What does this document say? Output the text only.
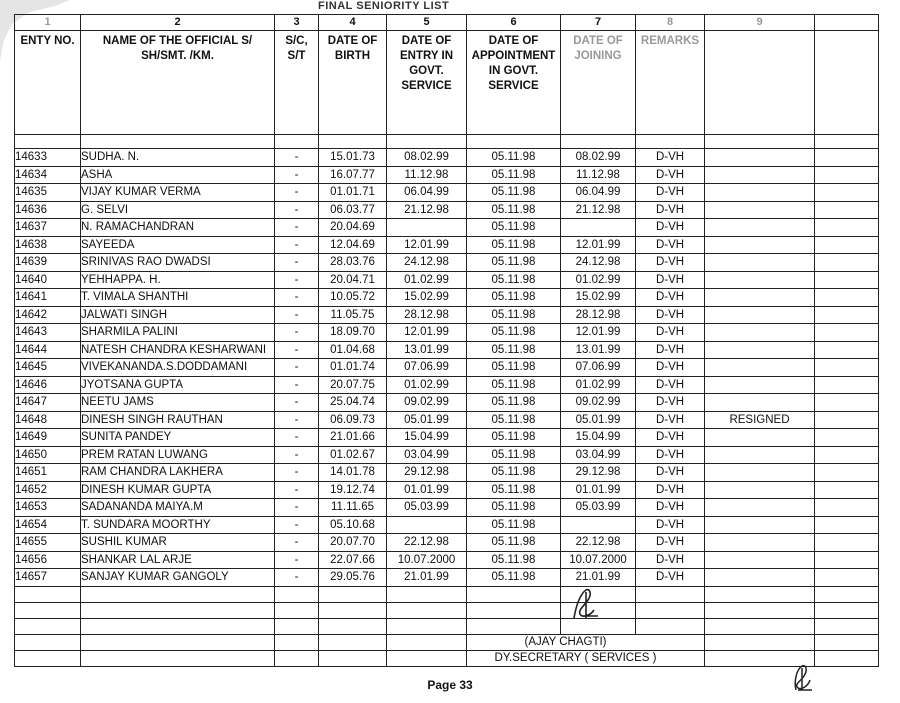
FINAL SENIORITY LIST
1	2	3	4	5	6	7	8	9	
ENTY NO.	NAME OF THE OFFICIAL S/ SH/SMT. /KM.	S/C, S/T	DATE OF BIRTH	DATE OF ENTRY IN GOVT. SERVICE	DATE OF APPOINTMENT IN GOVT. SERVICE	DATE OF JOINING	REMARKS		

14633	SUDHA. N.	-	15.01.73	08.02.99	05.11.98	08.02.99	D-VH		
14634	ASHA	-	16.07.77	11.12.98	05.11.98	11.12.98	D-VH		
14635	VIJAY KUMAR VERMA	-	01.01.71	06.04.99	05.11.98	06.04.99	D-VH		
14636	G. SELVI	-	06.03.77	21.12.98	05.11.98	21.12.98	D-VH		
14637	N. RAMACHANDRAN	-	20.04.69		05.11.98		D-VH		
14638	SAYEEDA	-	12.04.69	12.01.99	05.11.98	12.01.99	D-VH		
14639	SRINIVAS RAO DWADSI	-	28.03.76	24.12.98	05.11.98	24.12.98	D-VH		
14640	YEHHAPPA. H.	-	20.04.71	01.02.99	05.11.98	01.02.99	D-VH		
14641	T. VIMALA SHANTHI	-	10.05.72	15.02.99	05.11.98	15.02.99	D-VH		
14642	JALWATI SINGH	-	11.05.75	28.12.98	05.11.98	28.12.98	D-VH		
14643	SHARMILA PALINI	-	18.09.70	12.01.99	05.11.98	12.01.99	D-VH		
14644	NATESH CHANDRA KESHARWANI	-	01.04.68	13.01.99	05.11.98	13.01.99	D-VH		
14645	VIVEKANANDA.S.DODDAMANI	-	01.01.74	07.06.99	05.11.98	07.06.99	D-VH		
14646	JYOTSANA GUPTA	-	20.07.75	01.02.99	05.11.98	01.02.99	D-VH		
14647	NEETU JAMS	-	25.04.74	09.02.99	05.11.98	09.02.99	D-VH		
14648	DINESH SINGH RAUTHAN	-	06.09.73	05.01.99	05.11.98	05.01.99	D-VH	RESIGNED	
14649	SUNITA PANDEY	-	21.01.66	15.04.99	05.11.98	15.04.99	D-VH		
14650	PREM RATAN LUWANG	-	01.02.67	03.04.99	05.11.98	03.04.99	D-VH		
14651	RAM CHANDRA LAKHERA	-	14.01.78	29.12.98	05.11.98	29.12.98	D-VH		
14652	DINESH KUMAR GUPTA	-	19.12.74	01.01.99	05.11.98	01.01.99	D-VH		
14653	SADANANDA MAIYA.M	-	11.11.65	05.03.99	05.11.98	05.03.99	D-VH		
14654	T. SUNDARA MOORTHY	-	05.10.68		05.11.98		D-VH		
14655	SUSHIL KUMAR	-	20.07.70	22.12.98	05.11.98	22.12.98	D-VH		
14656	SHANKAR LAL ARJE	-	22.07.66	10.07.2000	05.11.98	10.07.2000	D-VH		
14657	SANJAY KUMAR GANGOLY	-	29.05.76	21.01.99	05.11.98	21.01.99	D-VH		

					(AJAY CHAGTI)				
					DY.SECRETARY ( SERVICES )				
Page 33
